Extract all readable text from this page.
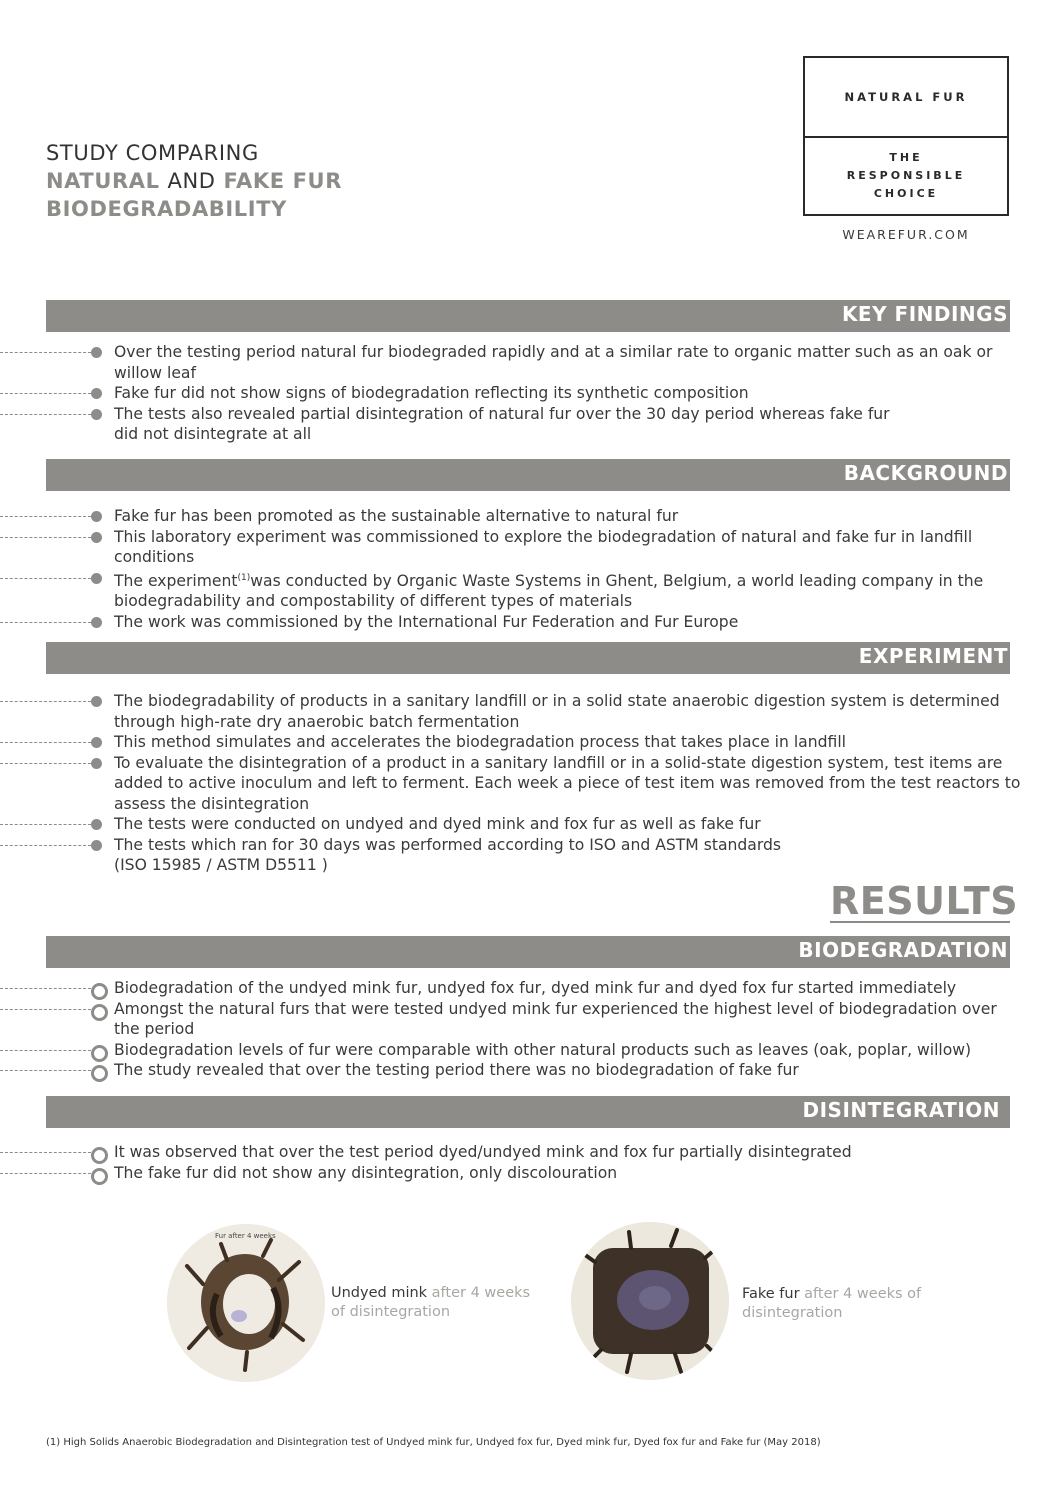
STUDY COMPARING
NATURAL AND FAKE FUR
BIODEGRADABILITY
NATURAL FUR
THE
RESPONSIBLE
CHOICE
WEAREFUR.COM
KEY FINDINGS
Over the testing period natural fur biodegraded rapidly and at a similar rate to organic matter such as an oak or willow leaf
Fake fur did not show signs of biodegradation reflecting its synthetic composition
The tests also revealed partial disintegration of natural fur over the 30 day period whereas fake fur did not disintegrate at all
BACKGROUND
Fake fur has been promoted as the sustainable alternative to natural fur
This laboratory experiment was commissioned to explore the biodegradation of natural and fake fur in landfill conditions
The experiment$^{(1)}$was conducted by Organic Waste Systems in Ghent, Belgium, a world leading company in the biodegradability and compostability of different types of materials
The work was commissioned by the International Fur Federation and Fur Europe
EXPERIMENT
The biodegradability of products in a sanitary landfill or in a solid state anaerobic digestion system is determined through high-rate dry anaerobic batch fermentation
This method simulates and accelerates the biodegradation process that takes place in landfill
To evaluate the disintegration of a product in a sanitary landfill or in a solid-state digestion system, test items are added to active inoculum and left to ferment. Each week a piece of test item was removed from the test reactors to assess the disintegration
The tests were conducted on undyed and dyed mink and fox fur as well as fake fur
The tests which ran for 30 days was performed according to ISO and ASTM standards
(ISO 15985 / ASTM D5511 )
RESULTS
BIODEGRADATION
Biodegradation of the undyed mink fur, undyed fox fur, dyed mink fur and dyed fox fur started immediately
Amongst the natural furs that were tested undyed mink fur experienced the highest level of biodegradation over the period
Biodegradation levels of fur were comparable with other natural products such as leaves (oak, poplar, willow)
The study revealed that over the testing period there was no biodegradation of fake fur
DISINTEGRATION
It was observed that over the test period dyed/undyed mink and fox fur partially disintegrated
The fake fur did not show any disintegration, only discolouration
Fur after 4 weeks
Undyed mink after 4 weeks of disintegration
Fake fur after 4 weeks of disintegration
(1) High Solids Anaerobic Biodegradation and Disintegration test of Undyed mink fur, Undyed fox fur, Dyed mink fur, Dyed fox fur and Fake fur (May 2018)
